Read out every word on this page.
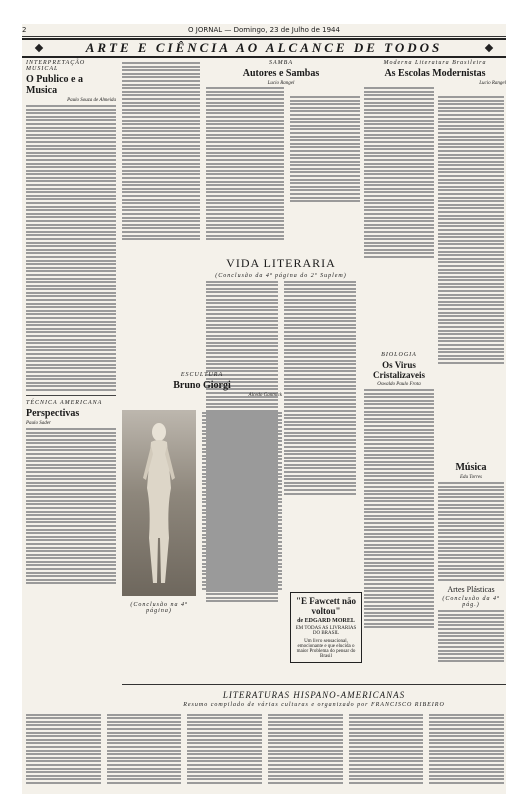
2	O JORNAL — Domingo, 23 de Julho de 1944
ARTE E CIÊNCIA AO ALCANCE DE TODOS
INTERPRETAÇÃO MUSICAL
O Publico e a Musica
Paulo Souza de Almeida
TÉCNICA AMERICANA
Perspectivas
Paulo Sader
SAMBA
Autores e Sambas
Lucio Rangel
VIDA LITERARIA
(Conclusão da 4ª página do 2º Suplem)
ESCULTURA
Bruno Giorgi
Alcedo Gantnick
(Conclusão na 4ª página)
Moderna Literatura Brasileira
As Escolas Modernistas
Lucio Rangel
BIOLOGIA
Os Virus Cristalizaveis
Oswaldo Paulo Frota
"E Fawcett não voltou"
de EDGARD MOREL
EM TODAS AS LIVRARIAS DO BRASIL
Um livro sensacional, emocionante e que elucida o maior Problema do pensar do Brasil
Música
Edu Torres
Artes Plásticas
(Conclusão da 4ª pág.)
LITERATURAS HISPANO-AMERICANAS
Resumo compilado de várias culturas e organizado por FRANCISCO RIBEIRO
